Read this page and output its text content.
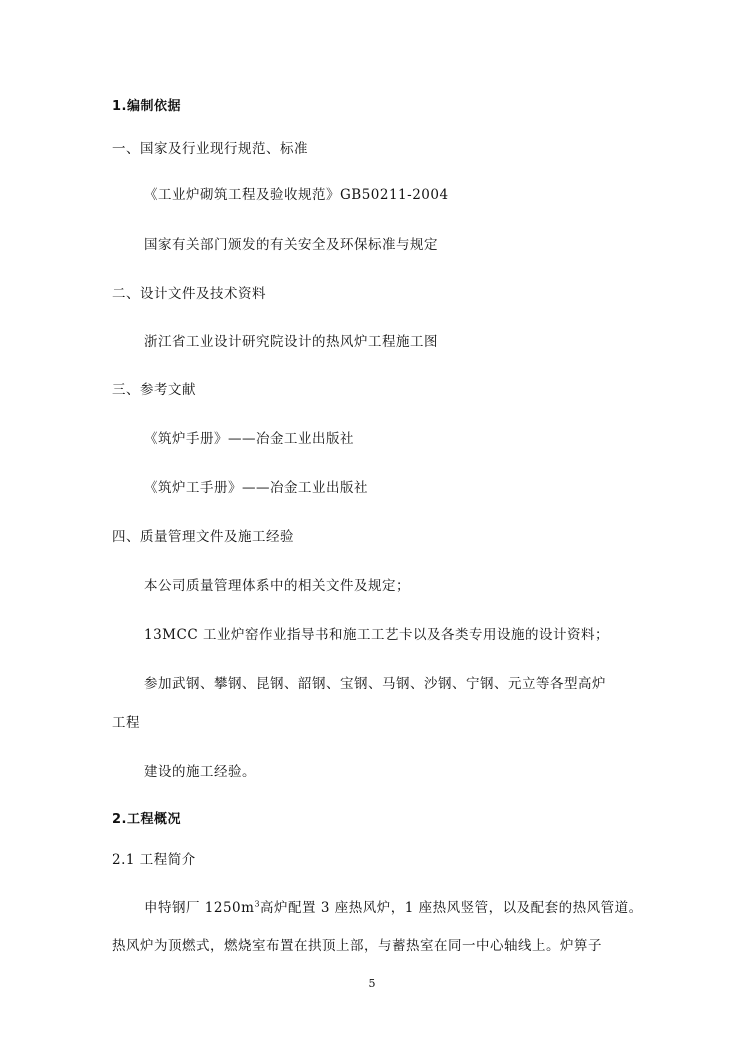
1.编制依据
一、国家及行业现行规范、标准
《工业炉砌筑工程及验收规范》GB50211-2004
国家有关部门颁发的有关安全及环保标准与规定
二、设计文件及技术资料
浙江省工业设计研究院设计的热风炉工程施工图
三、参考文献
《筑炉手册》——冶金工业出版社
《筑炉工手册》——冶金工业出版社
四、质量管理文件及施工经验
本公司质量管理体系中的相关文件及规定；
13MCC 工业炉窑作业指导书和施工工艺卡以及各类专用设施的设计资料；
参加武钢、攀钢、昆钢、韶钢、宝钢、马钢、沙钢、宁钢、元立等各型高炉
工程
建设的施工经验。
2.工程概况
2.1 工程简介
申特钢厂 $1250m^3$高炉配置 3 座热风炉，1 座热风竖管，以及配套的热风管道。
热风炉为顶燃式，燃烧室布置在拱顶上部，与蓄热室在同一中心轴线上。炉箅子
5
